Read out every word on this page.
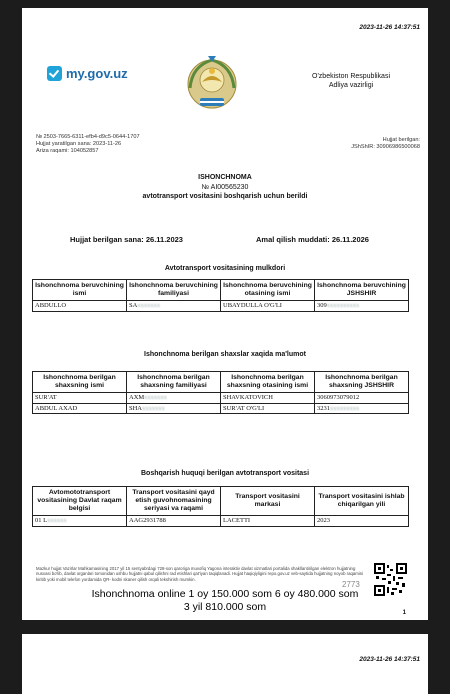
2023-11-26 14:37:51
my.gov.uz	O'zbekiston Respublikasi
Adliya vazirligi
№ 2503-7665-6311-efb4-d9c5-0644-1707
Hujjat yaratilgan sana: 2023-11-26
Ariza raqami: 104052857
Hujjat berilgan:
JShShIR: 30906986500068
ISHONCHNOMA
№ AI00565230
avtotransport vositasini boshqarish uchun berildi
Hujjat berilgan sana: 26.11.2023	Amal qilish muddati: 26.11.2026
Avtotransport vositasining mulkdori
Ishonchnoma beruvchining ismi	Ishonchnoma beruvchining familiyasi	Ishonchnoma beruvchining otasining ismi	Ishonchnoma beruvchining JSHSHIR
ABDULLO	SAxxxxxxx	UBAYDULLA O'G'LI	309xxxxxxxxxx
Ishonchnoma berilgan shaxslar xaqida ma'lumot
Ishonchnoma berilgan shaxsning ismi	Ishonchnoma berilgan shaxsning familiyasi	Ishonchnoma berilgan shaxsning otasining ismi	Ishonchnoma berilgan shaxsning JSHSHIR
SUR'AT	AXMxxxxxxx	SHAVKATOVICH	3060973079012
ABDUL AXAD	SHAxxxxxxx	SUR'AT O'G'LI	3231xxxxxxxxx
Boshqarish huquqi berilgan avtotransport vositasi
Avtomototransport vositasining Davlat raqam belgisi	Transport vositasini qayd etish guvohnomasining seriyasi va raqami	Transport vositasini markasi	Transport vositasini ishlab chiqarilgan yili
01 Lxxxxxx	AAG2931788	LACETTI	2023
Mazkur hujjat Vazirlar Mahkamasining 2017 yil 15 sentyabrdagi 728-son qaroriga muvofiq Yagona interaktiv davlat xizmatlari portalida shakllantirilgan elektron hujjatning nusxasi bo'lib, davlat organlari tomonidan ushbu hujjatni qabul qilishni rad etishlari qat'iyan taqiqlanadi. Hujjat haqiqiyligini repo.gov.uz veb-saytida hujjatning noyob raqamini kiritib yoki mobil telefon yordamida QR- kodni skaner qilish orqali tekshirish mumkin.
2773
Ishonchnoma online 1 oy 150.000 som 6 oy 480.000 som
3 yil 810.000 som	1
2023-11-26 14:37:51
